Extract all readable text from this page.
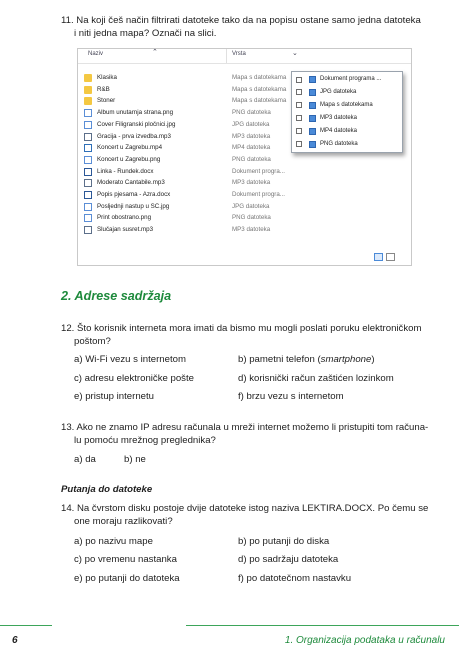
11. Na koji češ način filtrirati datoteke tako da na popisu ostane samo jedna datoteka
i niti jedna mapa? Označi na slici.
Naziv	⌃	Vrsta	⌄
Klasika	Mapa s datotekama
R&B	Mapa s datotekama
Stoner	Mapa s datotekama
Album unutarnja strana.png	PNG datoteka
Cover Filigranski pločnici.jpg	JPG datoteka
Gracija - prva izvedba.mp3	MP3 datoteka
Koncert u Zagrebu.mp4	MP4 datoteka
Koncert u Zagrebu.png	PNG datoteka
Linka - Rundek.docx	Dokument progra...
Moderato Cantabile.mp3	MP3 datoteka
Popis pjesama - Azra.docx	Dokument progra...
Posljednji nastup u SC.jpg	JPG datoteka
Print obostrano.png	PNG datoteka
Slučajan susret.mp3	MP3 datoteka
Dokument programa ...
JPG datoteka
Mapa s datotekama
MP3 datoteka
MP4 datoteka
PNG datoteka
2. Adrese sadržaja
12. Što korisnik interneta mora imati da bismo mu mogli poslati poruku elektroničkom
poštom?
a) Wi-Fi vezu s internetom	b) pametni telefon (smartphone)
c) adresu elektroničke pošte	d) korisnički račun zaštićen lozinkom
e) pristup internetu	f) brzu vezu s internetom
13. Ako ne znamo IP adresu računala u mreži internet možemo li pristupiti tom računa-
lu pomoću mrežnog preglednika?
a) da	b) ne
Putanja do datoteke
14. Na čvrstom disku postoje dvije datoteke istog naziva LEKTIRA.DOCX. Po čemu se
one moraju razlikovati?
a) po nazivu mape	b) po putanji do diska
c) po vremenu nastanka	d) po sadržaju datoteka
e) po putanji do datoteka	f) po datotečnom nastavku
6	1. Organizacija podataka u računalu
